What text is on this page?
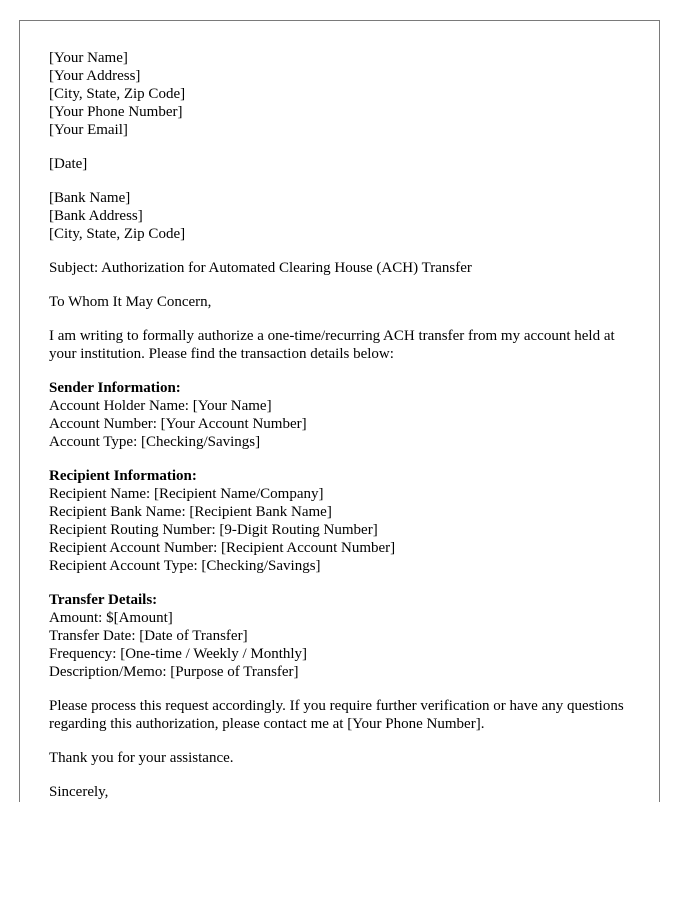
[Your Name]
[Your Address]
[City, State, Zip Code]
[Your Phone Number]
[Your Email]
[Date]
[Bank Name]
[Bank Address]
[City, State, Zip Code]
Subject: Authorization for Automated Clearing House (ACH) Transfer
To Whom It May Concern,
I am writing to formally authorize a one-time/recurring ACH transfer from my account held at your institution. Please find the transaction details below:
Sender Information:
Account Holder Name: [Your Name]
Account Number: [Your Account Number]
Account Type: [Checking/Savings]
Recipient Information:
Recipient Name: [Recipient Name/Company]
Recipient Bank Name: [Recipient Bank Name]
Recipient Routing Number: [9-Digit Routing Number]
Recipient Account Number: [Recipient Account Number]
Recipient Account Type: [Checking/Savings]
Transfer Details:
Amount: $[Amount]
Transfer Date: [Date of Transfer]
Frequency: [One-time / Weekly / Monthly]
Description/Memo: [Purpose of Transfer]
Please process this request accordingly. If you require further verification or have any questions regarding this authorization, please contact me at [Your Phone Number].
Thank you for your assistance.
Sincerely,
